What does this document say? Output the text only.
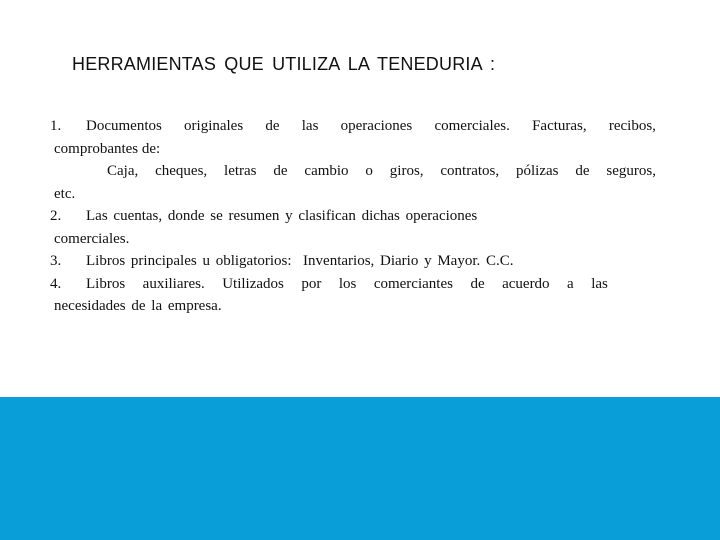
HERRAMIENTAS QUE UTILIZA LA TENEDURIA :
1.	Documentos originales de las operaciones comerciales. Facturas, recibos,
comprobantes de:
Caja, cheques, letras de cambio o giros, contratos, pólizas de seguros,
etc.
2. Las cuentas, donde se resumen y clasifican dichas operaciones
comerciales.
3. Libros principales u obligatorios:  Inventarios, Diario y Mayor. C.C.
4.	Libros auxiliares. Utilizados por los comerciantes de acuerdo a las
necesidades de la empresa.
